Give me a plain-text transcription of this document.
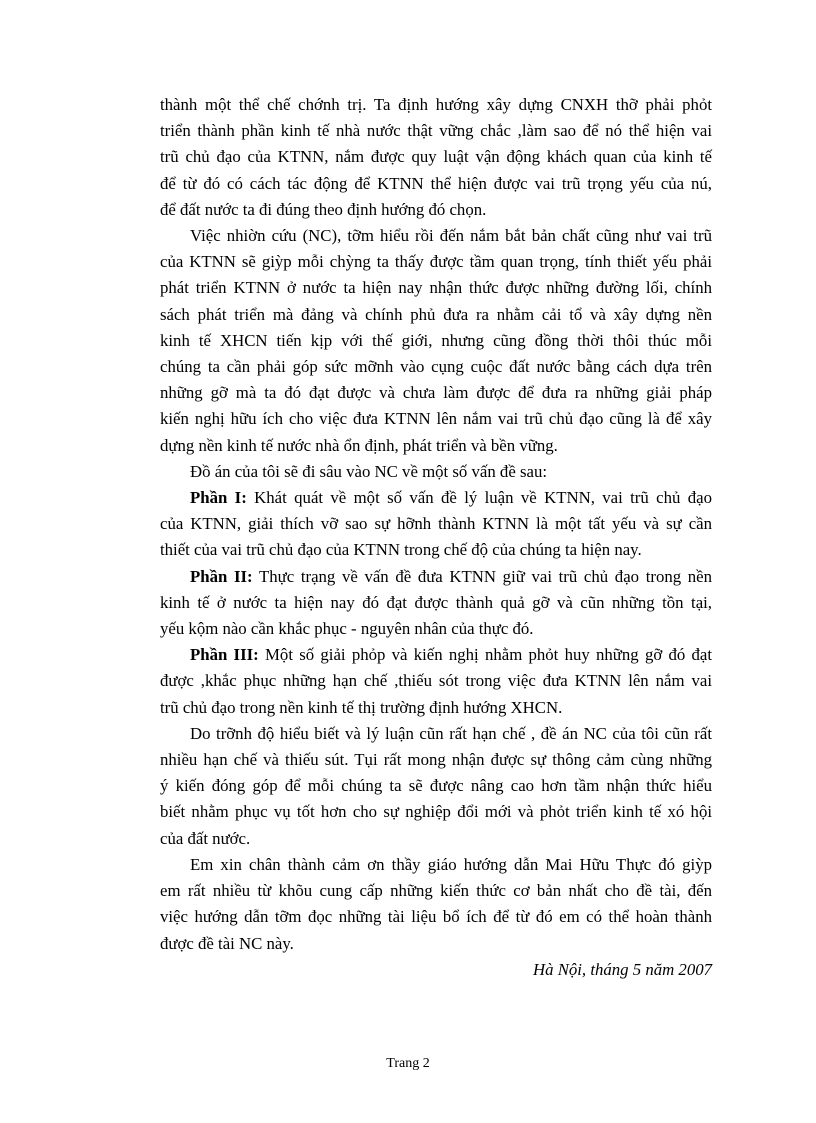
thành một thể chế chớnh trị. Ta định hướng xây dựng CNXH thỡ phải phỏt
triển thành phần kinh tế nhà nước thật vững chắc ,làm sao để nó thể hiện vai
trũ chủ đạo của KTNN, nắm được quy luật vận động khách quan của kinh tế
để từ đó có cách tác động để KTNN thể hiện được vai trũ trọng yếu của nú,
để đất nước ta đi đúng theo định hướng đó chọn.
Việc nhiờn cứu (NC), tỡm hiểu rồi đến nắm bắt bản chất cũng như vai trũ
của KTNN sẽ giỳp mỗi chỳng ta thấy được tầm quan trọng, tính thiết yếu phải
phát triển KTNN ở nước ta hiện nay nhận thức được những đường lối, chính
sách phát triển mà đảng và chính phủ đưa ra nhằm cải tổ và xây dựng nền
kinh tế XHCN tiến kịp với thế giới, nhưng cũng đồng thời thôi thúc mỗi
chúng ta cần phải góp sức mỡnh vào cụng cuộc đất nước bằng cách dựa trên
những gỡ mà ta đó đạt được và chưa làm được để đưa ra những giải pháp
kiến nghị hữu ích cho việc đưa KTNN lên nắm vai trũ chủ đạo cũng là để xây
dựng nền kinh tế nước nhà ổn định, phát triển và bền vững.
Đồ án của tôi sẽ đi sâu vào NC về một số vấn đề sau:
Phần I: Khát quát về một số vấn đề lý luận về KTNN, vai trũ chủ đạo
của KTNN, giải thích vỡ sao sự hỡnh thành KTNN là một tất yếu và sự cần
thiết của vai trũ chủ đạo của KTNN trong chế độ của chúng ta hiện nay.
Phần II: Thực trạng về vấn đề đưa KTNN giữ vai trũ chủ đạo trong nền
kinh tế ở nước ta hiện nay đó đạt được thành quả gỡ và cũn những tồn tại,
yếu kộm nào cần khắc phục - nguyên nhân của thực đó.
Phần III: Một số giải phỏp và kiến nghị nhằm phỏt huy những gỡ đó đạt
được ,khắc phục những hạn chế ,thiếu sót trong việc đưa KTNN lên nắm vai
trũ chủ đạo trong nền kinh tế thị trường định hướng XHCN.
Do trỡnh độ hiểu biết và lý luận cũn rất hạn chế , đề án NC của tôi cũn rất
nhiều hạn chế và thiếu sút. Tụi rất mong nhận được sự thông cảm cùng những
ý kiến đóng góp để mỗi chúng ta sẽ được nâng cao hơn tầm nhận thức hiểu
biết nhằm phục vụ tốt hơn cho sự nghiệp đổi mới và phỏt triển kinh tế xó hội
của đất nước.
Em xin chân thành cảm ơn thầy giáo hướng dẫn Mai Hữu Thực đó giỳp
em rất nhiều từ khõu cung cấp những kiến thức cơ bản nhất cho đề tài, đến
việc hướng dẫn tỡm đọc những tài liệu bổ ích để từ đó em có thể hoàn thành
được đề tài NC này.
Hà Nội, tháng 5 năm 2007
Trang 2
